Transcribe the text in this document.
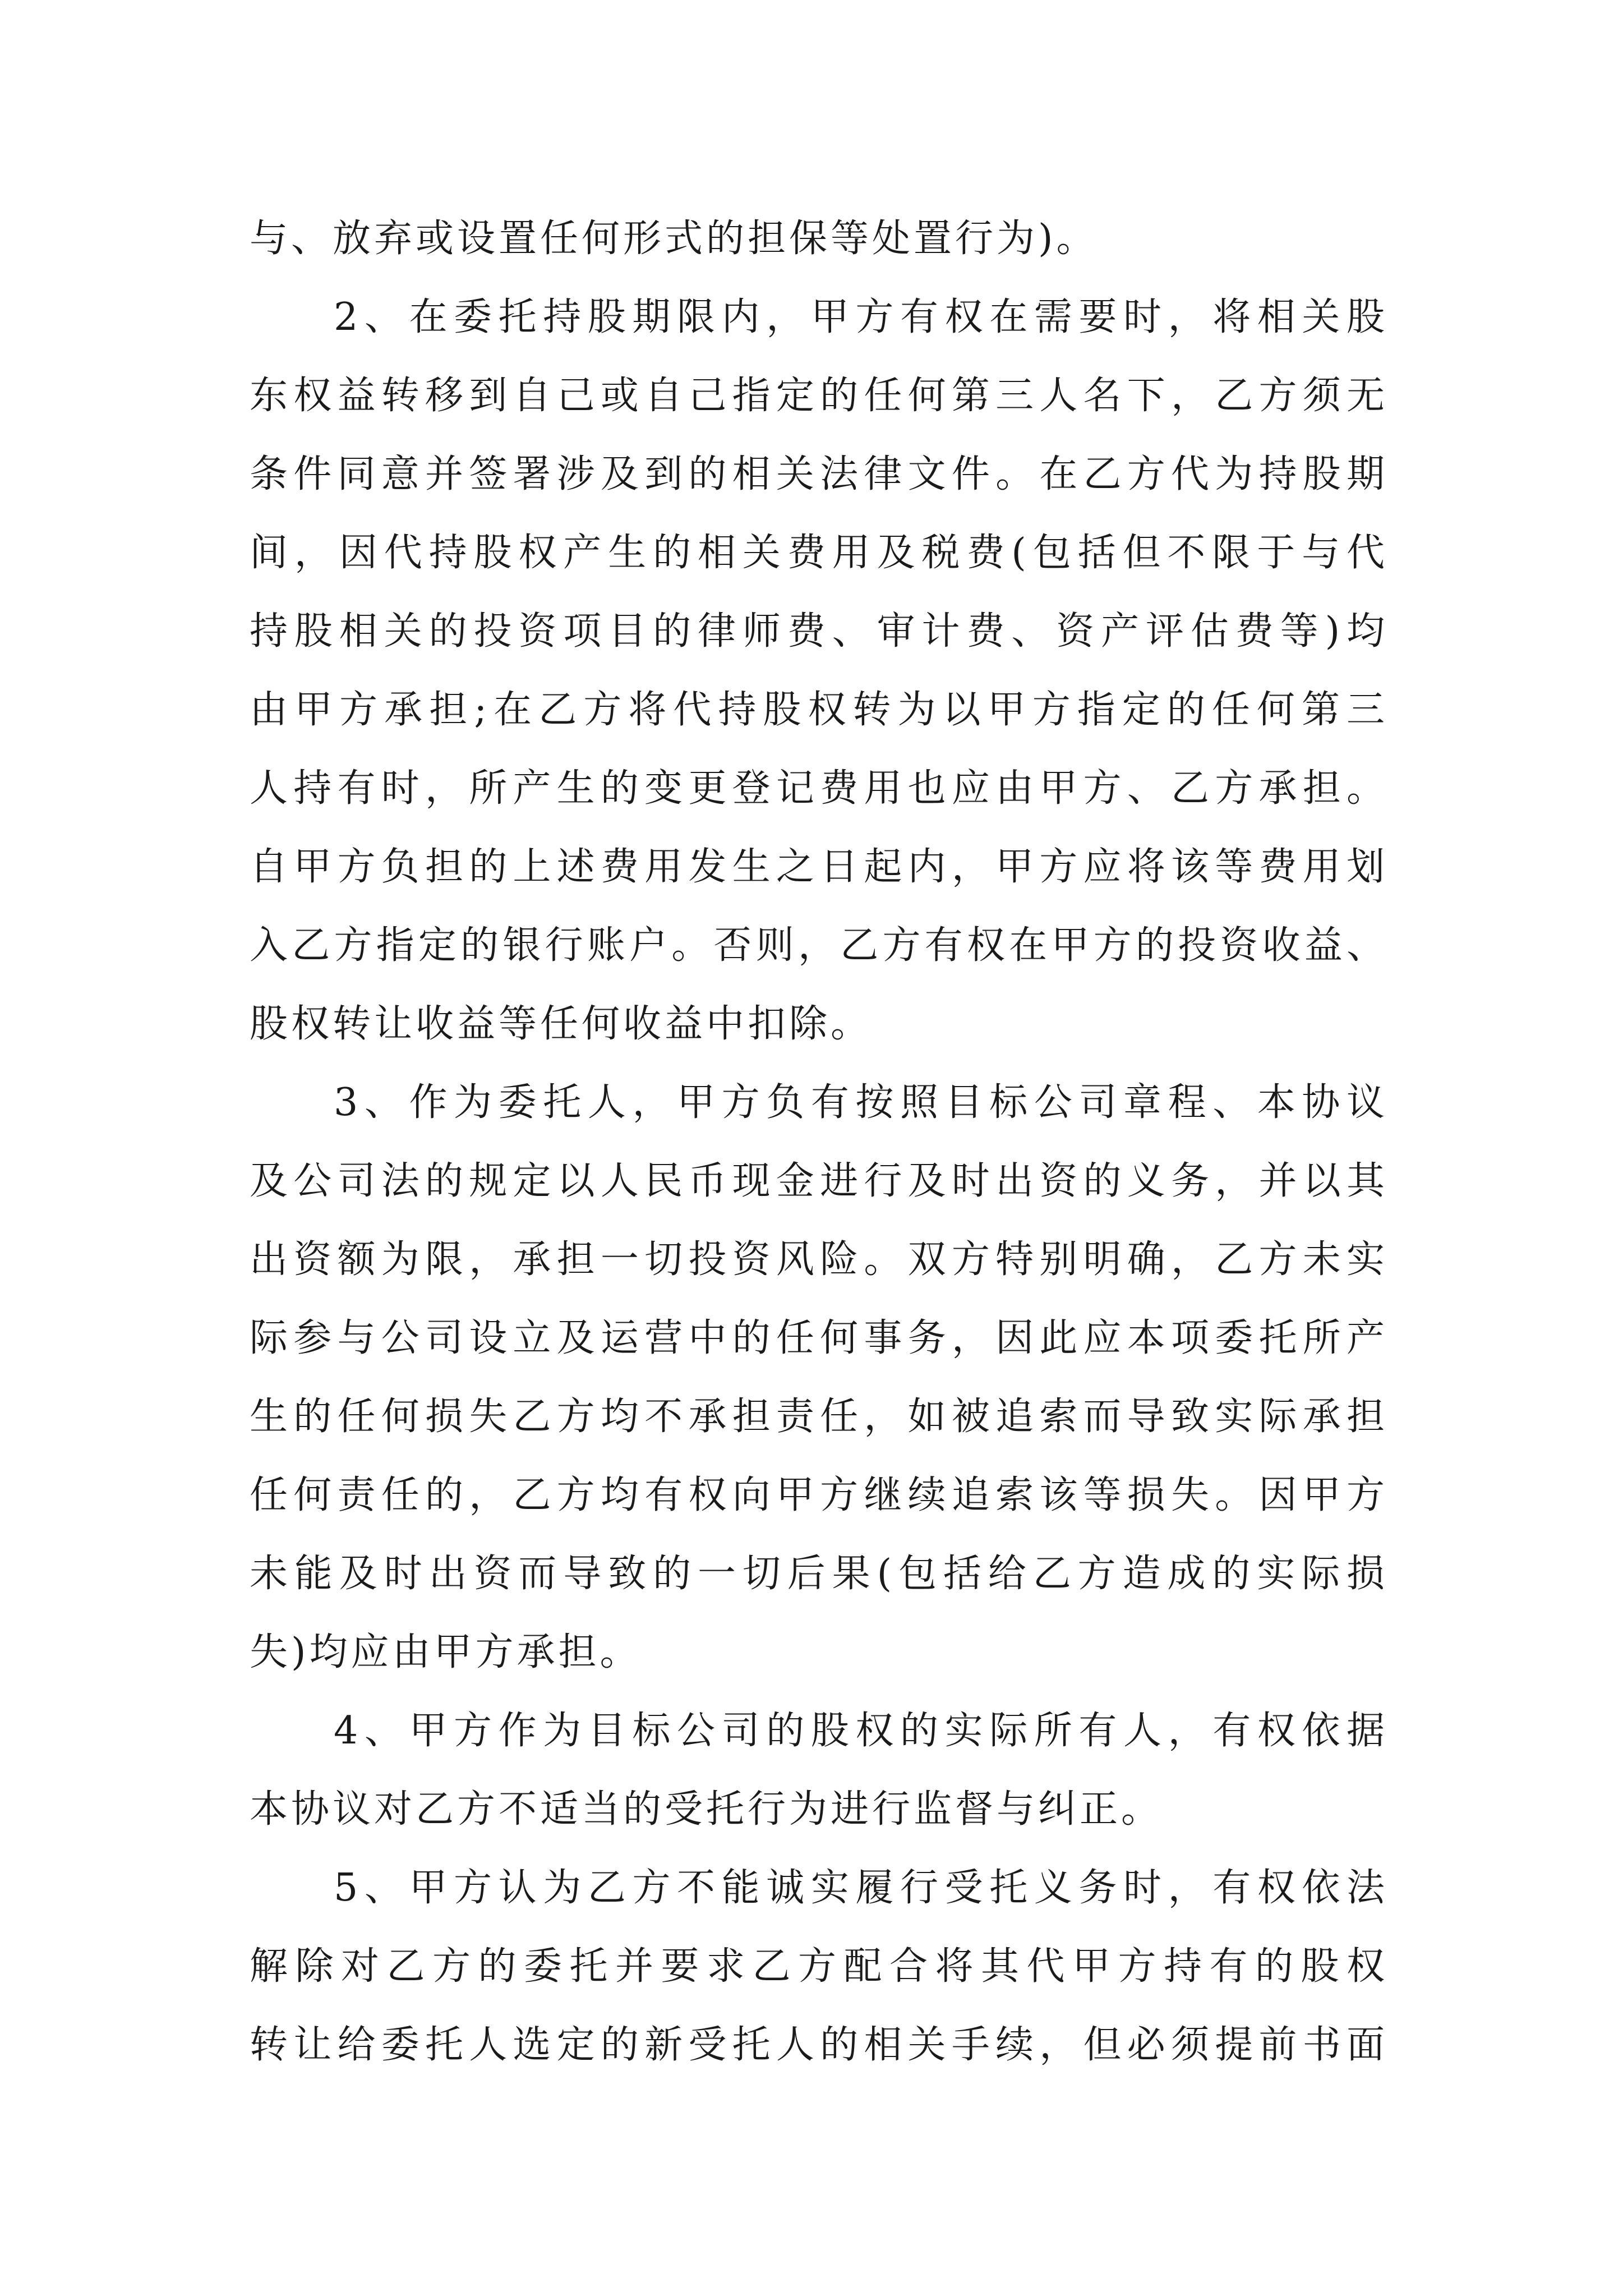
与、放弃或设置任何形式的担保等处置行为)。
2、在委托持股期限内，甲方有权在需要时，将相关股
东权益转移到自己或自己指定的任何第三人名下，乙方须无
条件同意并签署涉及到的相关法律文件。在乙方代为持股期
间，因代持股权产生的相关费用及税费(包括但不限于与代
持股相关的投资项目的律师费、审计费、资产评估费等)均
由甲方承担;在乙方将代持股权转为以甲方指定的任何第三
人持有时，所产生的变更登记费用也应由甲方、乙方承担。
自甲方负担的上述费用发生之日起内，甲方应将该等费用划
入乙方指定的银行账户。否则，乙方有权在甲方的投资收益、
股权转让收益等任何收益中扣除。
3、作为委托人，甲方负有按照目标公司章程、本协议
及公司法的规定以人民币现金进行及时出资的义务，并以其
出资额为限，承担一切投资风险。双方特别明确，乙方未实
际参与公司设立及运营中的任何事务，因此应本项委托所产
生的任何损失乙方均不承担责任，如被追索而导致实际承担
任何责任的，乙方均有权向甲方继续追索该等损失。因甲方
未能及时出资而导致的一切后果(包括给乙方造成的实际损
失)均应由甲方承担。
4、甲方作为目标公司的股权的实际所有人，有权依据
本协议对乙方不适当的受托行为进行监督与纠正。
5、甲方认为乙方不能诚实履行受托义务时，有权依法
解除对乙方的委托并要求乙方配合将其代甲方持有的股权
转让给委托人选定的新受托人的相关手续，但必须提前书面
